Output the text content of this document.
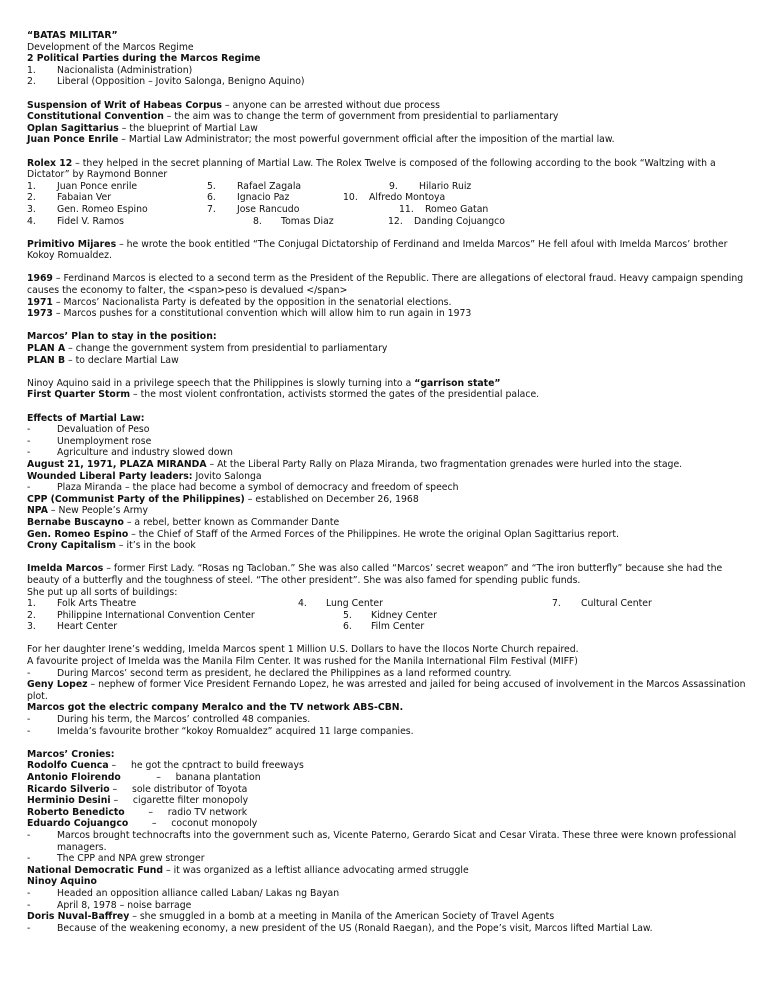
“BATAS MILITAR”
Development of the Marcos Regime
2 Political Parties during the Marcos Regime
1. Nacionalista (Administration)
2. Liberal (Opposition – Jovito Salonga, Benigno Aquino)
Suspension of Writ of Habeas Corpus – anyone can be arrested without due process
Constitutional Convention – the aim was to change the term of government from presidential to parliamentary
Oplan Sagittarius – the blueprint of Martial Law
Juan Ponce Enrile – Martial Law Administrator; the most powerful government official after the imposition of the martial law.
Rolex 12 – they helped in the secret planning of Martial Law. The Rolex Twelve is composed of the following according to the book “Waltzing with a Dictator” by Raymond Bonner
1. Juan Ponce enrile	5. Rafael Zagala	9. Hilario Ruiz
2. Fabaian Ver	6. Ignacio Paz	10. Alfredo Montoya
3. Gen. Romeo Espino	7. Jose Rancudo	11. Romeo Gatan
4. Fidel V. Ramos	8. Tomas Diaz	12. Danding Cojuangco
Primitivo Mijares – he wrote the book entitled “The Conjugal Dictatorship of Ferdinand and Imelda Marcos” He fell afoul with Imelda Marcos’ brother Kokoy Romualdez.
1969 – Ferdinand Marcos is elected to a second term as the President of the Republic. There are allegations of electoral fraud. Heavy campaign spending causes the economy to falter, the <span>peso is devalued </span>
1971 – Marcos’ Nacionalista Party is defeated by the opposition in the senatorial elections.
1973 – Marcos pushes for a constitutional convention which will allow him to run again in 1973
Marcos’ Plan to stay in the position:
PLAN A – change the government system from presidential to parliamentary
PLAN B – to declare Martial Law
Ninoy Aquino said in a privilege speech that the Philippines is slowly turning into a “garrison state”
First Quarter Storm – the most violent confrontation, activists stormed the gates of the presidential palace.
Effects of Martial Law:
-	Devaluation of Peso
-	Unemployment rose
-	Agriculture and industry slowed down
August 21, 1971, PLAZA MIRANDA – At the Liberal Party Rally on Plaza Miranda, two fragmentation grenades were hurled into the stage.
Wounded Liberal Party leaders: Jovito Salonga
-	Plaza Miranda – the place had become a symbol of democracy and freedom of speech
CPP (Communist Party of the Philippines) – established on December 26, 1968
NPA – New People’s Army
Bernabe Buscayno – a rebel, better known as Commander Dante
Gen. Romeo Espino – the Chief of Staff of the Armed Forces of the Philippines. He wrote the original Oplan Sagittarius report.
Crony Capitalism – it’s in the book
Imelda Marcos – former First Lady. “Rosas ng Tacloban.” She was also called “Marcos’ secret weapon” and “The iron butterfly” because she had the beauty of a butterfly and the toughness of steel. “The other president”. She was also famed for spending public funds.
She put up all sorts of buildings:
1. Folk Arts Theatre	4. Lung Center	7. Cultural Center
2. Philippine International Convention Center	5. Kidney Center
3. Heart Center	6. Film Center
For her daughter Irene’s wedding, Imelda Marcos spent 1 Million U.S. Dollars to have the Ilocos Norte Church repaired.
A favourite project of Imelda was the Manila Film Center. It was rushed for the Manila International Film Festival (MIFF)
-	During Marcos’ second term as president, he declared the Philippines as a land reformed country.
Geny Lopez – nephew of former Vice President Fernando Lopez, he was arrested and jailed for being accused of involvement in the Marcos Assassination plot.
Marcos got the electric company Meralco and the TV network ABS-CBN.
-	During his term, the Marcos’ controlled 48 companies.
-	Imelda’s favourite brother “kokoy Romualdez” acquired 11 large companies.
Marcos’ Cronies:
Rodolfo Cuenca –     he got the cpntract to build freeways
Antonio Floirendo            –     banana plantation
Ricardo Silverio –     sole distributor of Toyota
Herminio Desini –     cigarette filter monopoly
Roberto Benedicto        –     radio TV network
Eduardo Cojuangco        –     coconut monopoly
-	Marcos brought technocrafts into the government such as, Vicente Paterno, Gerardo Sicat and Cesar Virata. These three were known professional managers.
-	The CPP and NPA grew stronger
National Democratic Fund – it was organized as a leftist alliance advocating armed struggle
Ninoy Aquino
-	Headed an opposition alliance called Laban/ Lakas ng Bayan
-	April 8, 1978 – noise barrage
Doris Nuval-Baffrey – she smuggled in a bomb at a meeting in Manila of the American Society of Travel Agents
-	Because of the weakening economy, a new president of the US (Ronald Raegan), and the Pope’s visit, Marcos lifted Martial Law.
